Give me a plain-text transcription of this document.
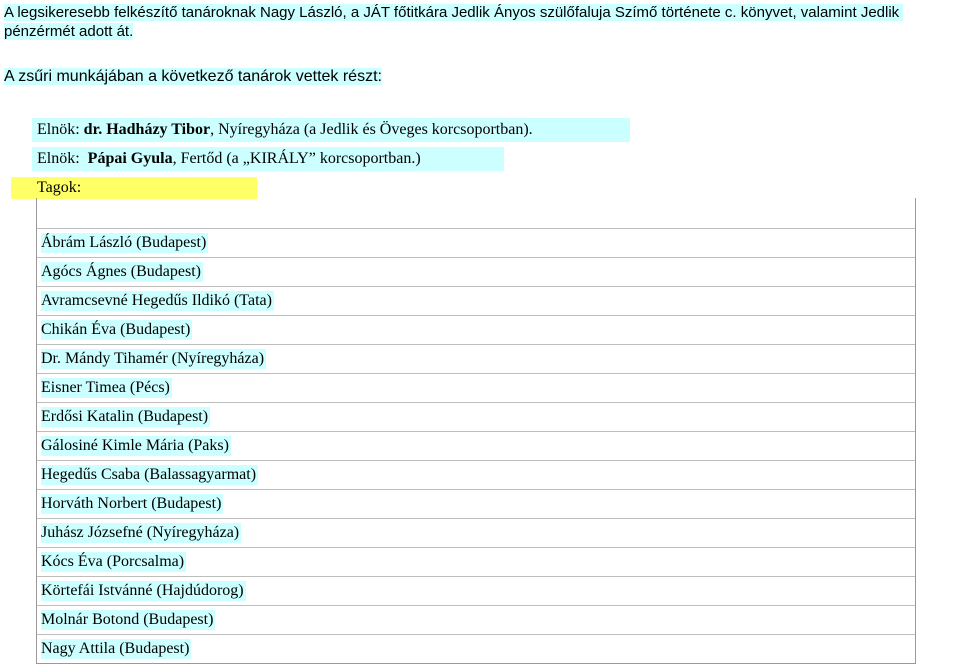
A legsikeresebb felkészítő tanároknak Nagy László, a JÁT főtitkára Jedlik Ányos szülőfaluja Szímő története c. könyvet, valamint Jedlik pénzérmét adott át.
A zsűri munkájában a következő tanárok vettek részt:
Elnök: dr. Hadházy Tibor, Nyíregyháza (a Jedlik és Öveges korcsoportban).
Elnök: Pápai Gyula, Fertőd (a „KIRÁLY” korcsoportban.)
Tagok:
Ábrám László (Budapest)
Agócs Ágnes (Budapest)
Avramcsevné Hegedűs Ildikó (Tata)
Chikán Éva (Budapest)
Dr. Mándy Tihamér (Nyíregyháza)
Eisner Timea (Pécs)
Erdősi Katalin (Budapest)
Gálosiné Kimle Mária (Paks)
Hegedűs Csaba (Balassagyarmat)
Horváth Norbert (Budapest)
Juhász Józsefné (Nyíregyháza)
Kócs Éva (Porcsalma)
Körtefái Istvánné (Hajdúdorog)
Molnár Botond (Budapest)
Nagy Attila (Budapest)
